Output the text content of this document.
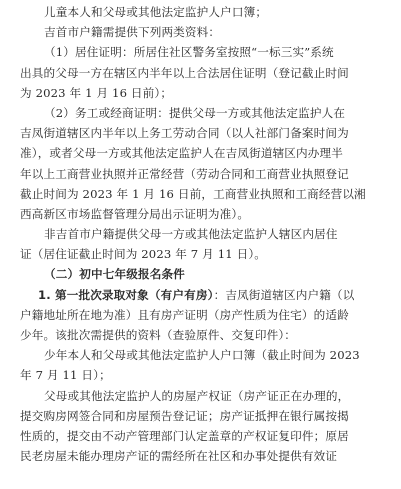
儿童本人和父母或其他法定监护人户口簿；
吉首市户籍需提供下列两类资料：
（1）居住证明：所居住社区警务室按照“一标三实”系统
出具的父母一方在辖区内半年以上合法居住证明（登记截止时间
为 2023 年 1 月 16 日前）；
（2）务工或经商证明：提供父母一方或其他法定监护人在
吉凤街道辖区内半年以上务工劳动合同（以人社部门备案时间为
准），或者父母一方或其他法定监护人在吉凤街道辖区内办理半
年以上工商营业执照并正常经营（劳动合同和工商营业执照登记
截止时间为 2023 年 1 月 16 日前，工商营业执照和工商经营以湘
西高新区市场监督管理分局出示证明为准）。
非吉首市户籍提供父母一方或其他法定监护人辖区内居住
证（居住证截止时间为 2023 年 7 月 11 日）。
（二）初中七年级报名条件
1. 第一批次录取对象（有户有房）：吉凤街道辖区内户籍（以
户籍地址所在地为准）且有房产证明（房产性质为住宅）的适龄
少年。该批次需提供的资料（查验原件、交复印件）：
少年本人和父母或其他法定监护人户口簿（截止时间为 2023
年 7 月 11 日）；
父母或其他法定监护人的房屋产权证（房产证正在办理的，
提交购房网签合同和房屋预告登记证；房产证抵押在银行属按揭
性质的，提交由不动产管理部门认定盖章的产权证复印件；原居
民老房屋未能办理房产证的需经所在社区和办事处提供有效证
